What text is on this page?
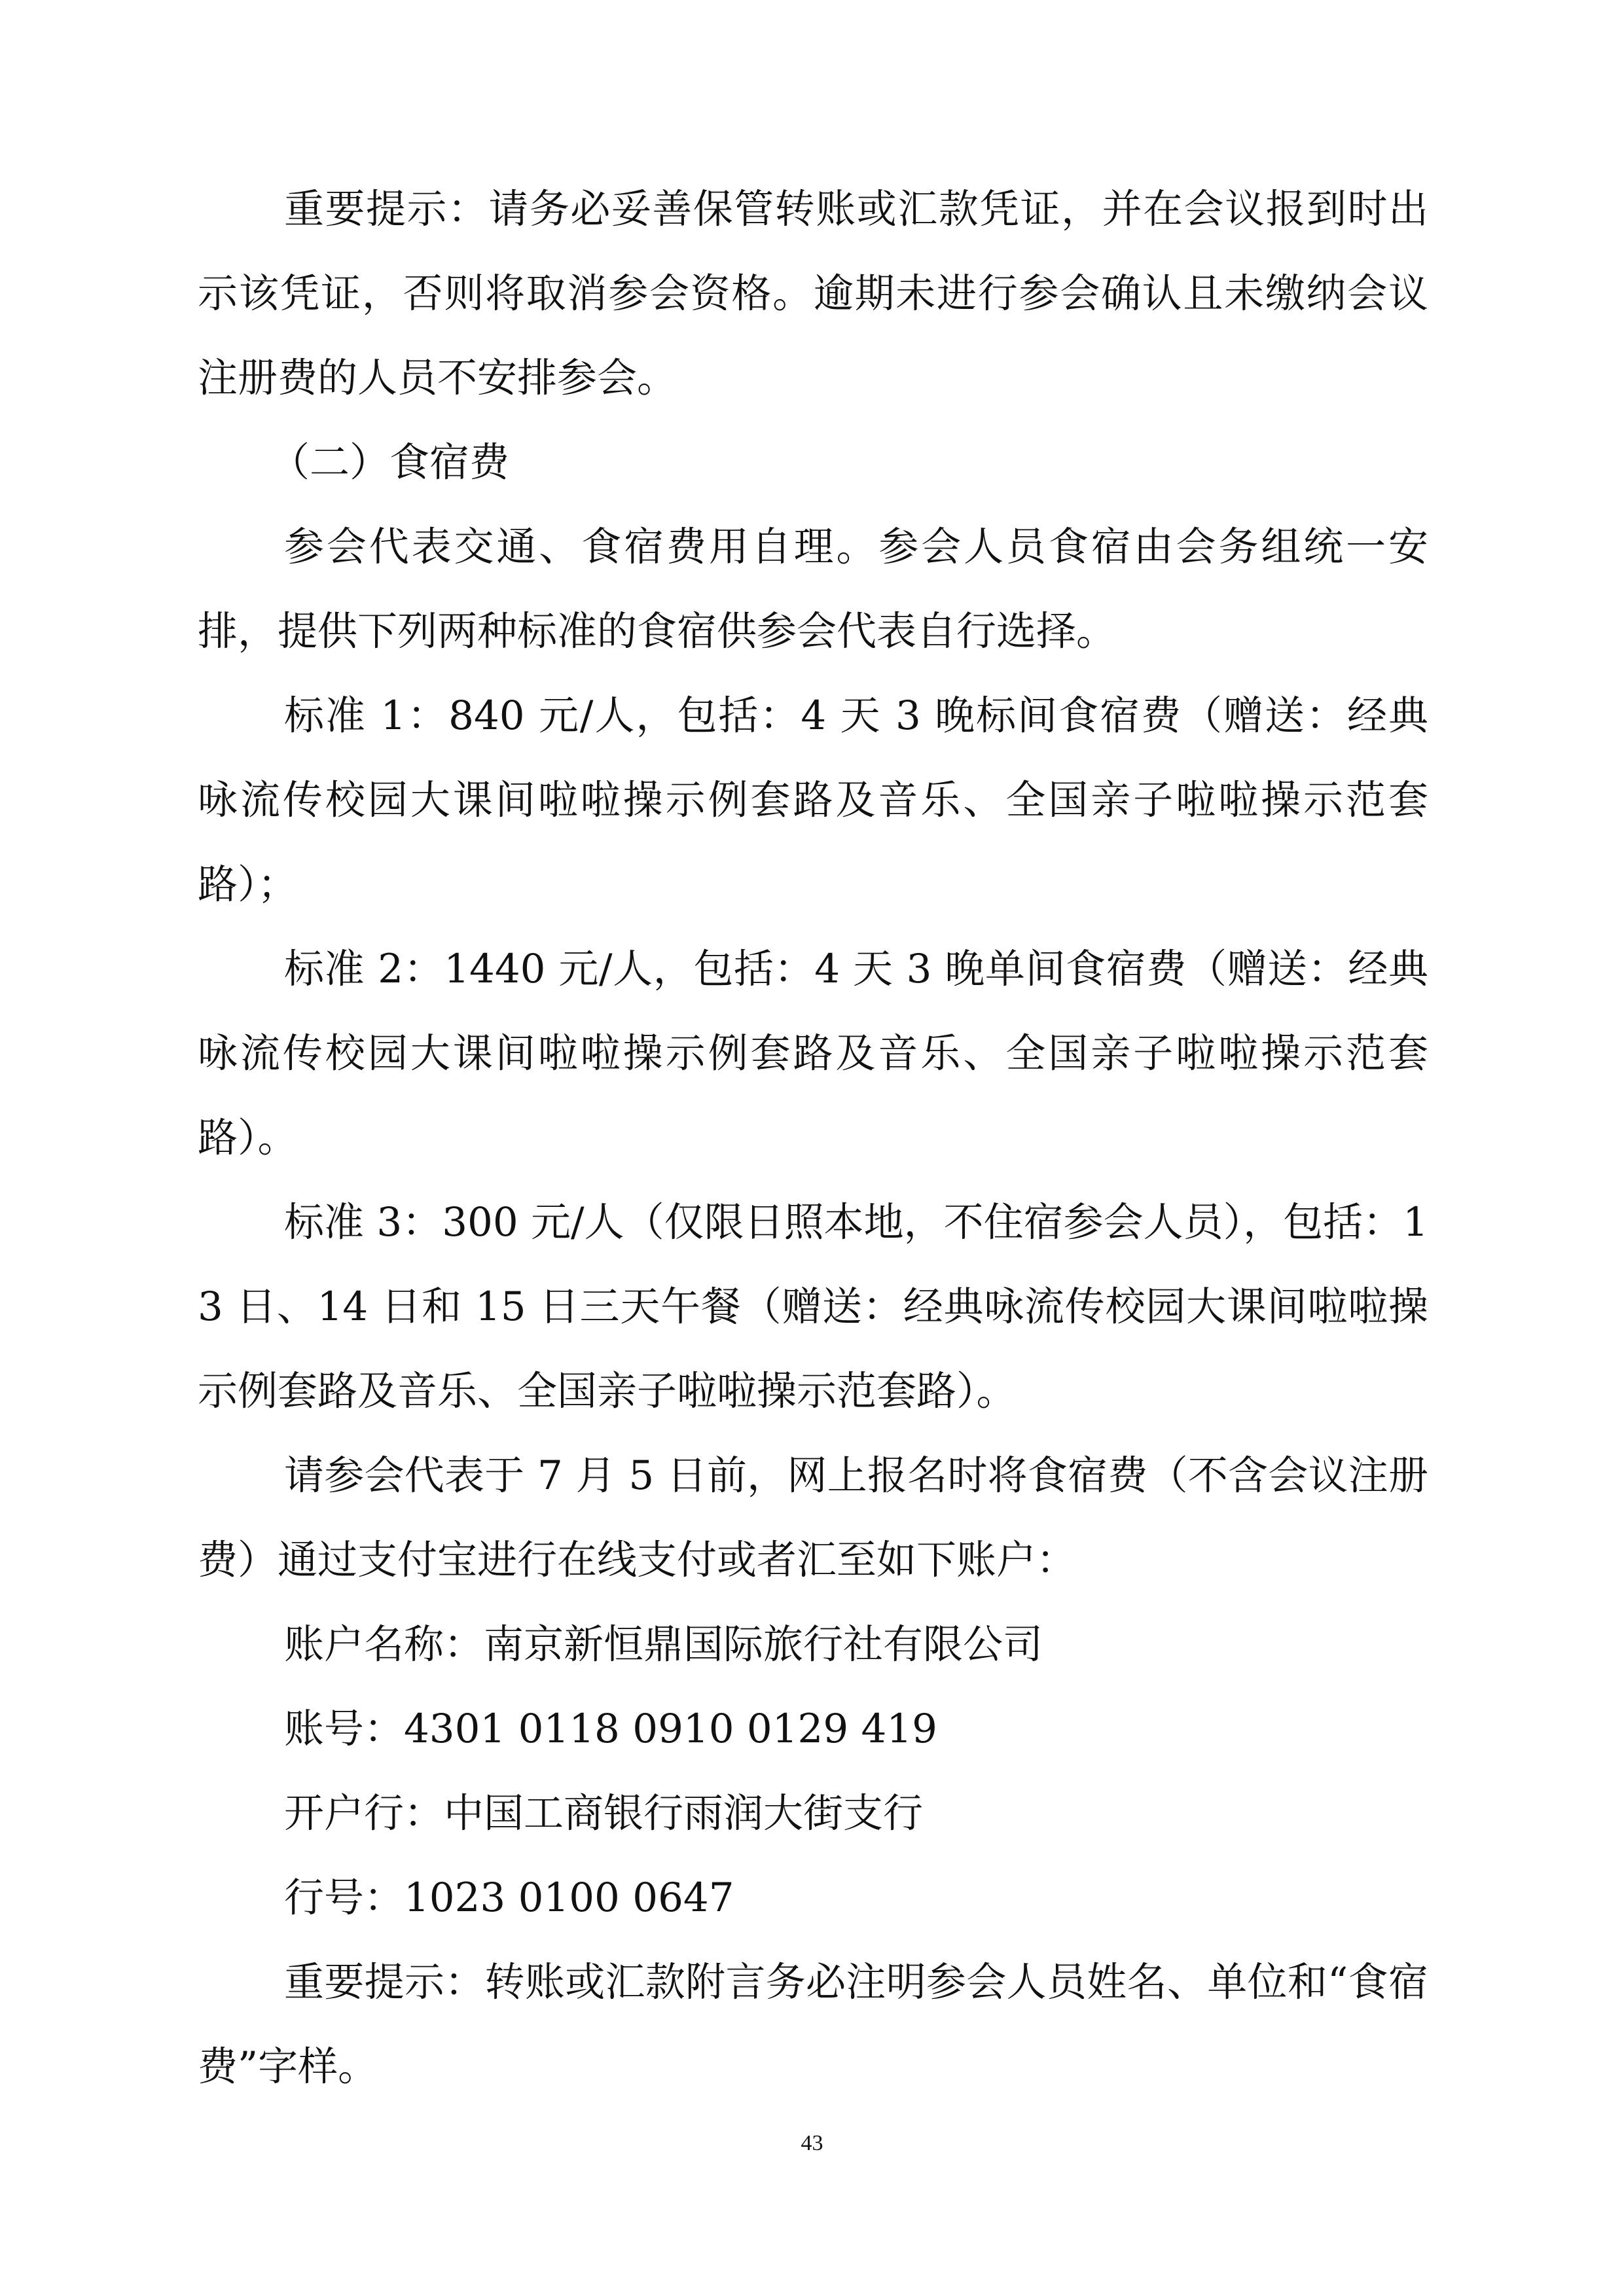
重要提示：请务必妥善保管转账或汇款凭证，并在会议报到时出示该凭证，否则将取消参会资格。逾期未进行参会确认且未缴纳会议注册费的人员不安排参会。

（二）食宿费

参会代表交通、食宿费用自理。参会人员食宿由会务组统一安排，提供下列两种标准的食宿供参会代表自行选择。

标准 1：840 元/人，包括：4 天 3 晚标间食宿费（赠送：经典咏流传校园大课间啦啦操示例套路及音乐、全国亲子啦啦操示范套路）；

标准 2：1440 元/人，包括：4 天 3 晚单间食宿费（赠送：经典咏流传校园大课间啦啦操示例套路及音乐、全国亲子啦啦操示范套路）。

标准 3：300 元/人（仅限日照本地，不住宿参会人员），包括：13 日、14 日和 15 日三天午餐（赠送：经典咏流传校园大课间啦啦操示例套路及音乐、全国亲子啦啦操示范套路）。

请参会代表于 7 月 5 日前，网上报名时将食宿费（不含会议注册费）通过支付宝进行在线支付或者汇至如下账户：

账户名称：南京新恒鼎国际旅行社有限公司

账号：4301 0118 0910 0129 419

开户行：中国工商银行雨润大街支行

行号：1023 0100 0647

重要提示：转账或汇款附言务必注明参会人员姓名、单位和“食宿费”字样。

43
